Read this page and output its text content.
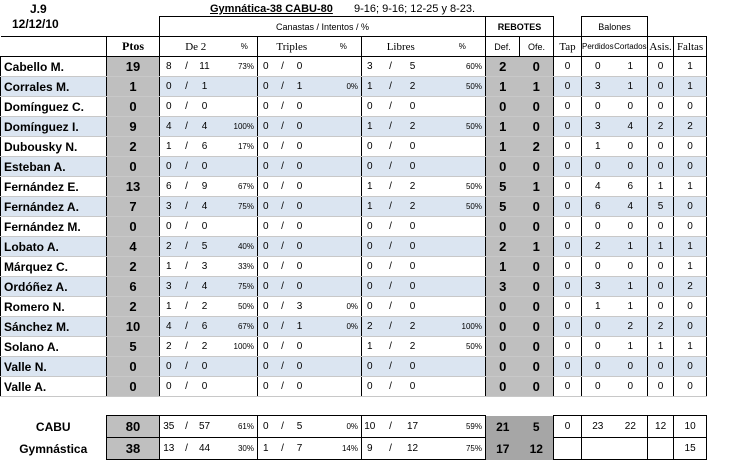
J.9
12/12/10
Gymnática-38 CABU-80 9-16; 9-16; 12-25 y 8-23.
		Canastas / Intentos / %															REBOTES			Balones			
	Ptos	De 2				%	Triples				%	Libres				%	Def.	Ofe.	Tap	Perdidos	Cortados	Asis.	Faltas
Cabello M.	19	8	/	11		73%	0	/	0			3	/	5		60%	2	0	0	0	1	0	1
Corrales M.	1	0	/	1			0	/	1		0%	1	/	2		50%	1	1	0	3	1	0	1
Domínguez C.	0	0	/	0			0	/	0			0	/	0			0	0	0	0	0	0	0
Domínguez I.	9	4	/	4		100%	0	/	0			1	/	2		50%	1	0	0	3	4	2	2
Dubousky N.	2	1	/	6		17%	0	/	0			0	/	0			1	2	0	1	0	0	0
Esteban A.	0	0	/	0			0	/	0			0	/	0			0	0	0	0	0	0	0
Fernández E.	13	6	/	9		67%	0	/	0			1	/	2		50%	5	1	0	4	6	1	1
Fernández A.	7	3	/	4		75%	0	/	0			1	/	2		50%	5	0	0	6	4	5	0
Fernández M.	0	0	/	0			0	/	0			0	/	0			0	0	0	0	0	0	0
Lobato A.	4	2	/	5		40%	0	/	0			0	/	0			2	1	0	2	1	1	1
Márquez C.	2	1	/	3		33%	0	/	0			0	/	0			1	0	0	0	0	0	1
Ordóñez A.	6	3	/	4		75%	0	/	0			0	/	0			3	0	0	3	1	0	2
Romero N.	2	1	/	2		50%	0	/	3		0%	0	/	0			0	0	0	1	1	0	0
Sánchez M.	10	4	/	6		67%	0	/	1		0%	2	/	2		100%	0	0	0	0	2	2	0
Solano A.	5	2	/	2		100%	0	/	0			1	/	2		50%	0	0	0	0	1	1	1
Valle N.	0	0	/	0			0	/	0			0	/	0			0	0	0	0	0	0	0
Valle A.	0	0	/	0			0	/	0			0	/	0			0	0	0	0	0	0	0

CABU	80	35	/	57		61%	0	/	5		0%	10	/	17		59%	21	5	0	23	22	12	10
Gymnástica	38	13	/	44		30%	1	/	7		14%	9	/	12		75%	17	12					15
